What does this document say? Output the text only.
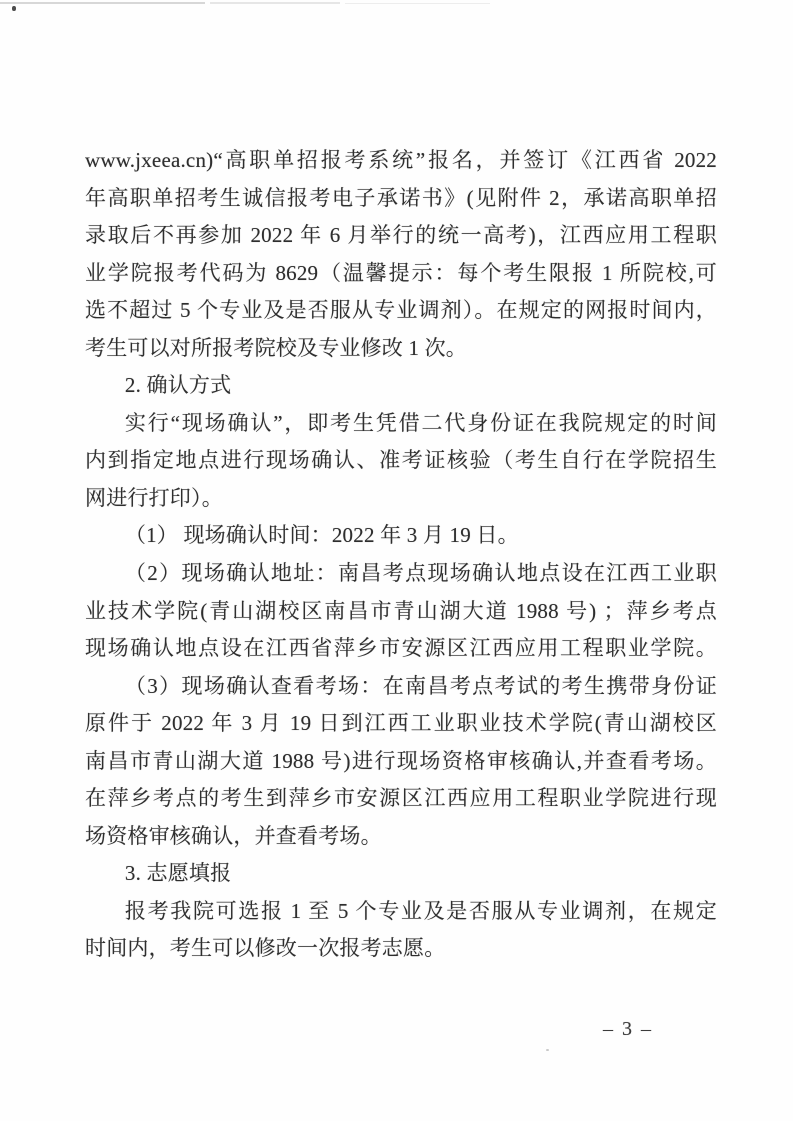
www.jxeea.cn)“高职单招报考系统”报名，并签订《江西省 2022
年高职单招考生诚信报考电子承诺书》(见附件 2，承诺高职单招
录取后不再参加 2022 年 6 月举行的统一高考)，江西应用工程职
业学院报考代码为 8629（温馨提示：每个考生限报 1 所院校,可
选不超过 5 个专业及是否服从专业调剂）。在规定的网报时间内，
考生可以对所报考院校及专业修改 1 次。
2. 确认方式
实行“现场确认”，即考生凭借二代身份证在我院规定的时间
内到指定地点进行现场确认、准考证核验（考生自行在学院招生
网进行打印）。
（1） 现场确认时间：2022 年 3 月 19 日。
（2）现场确认地址：南昌考点现场确认地点设在江西工业职
业技术学院(青山湖校区南昌市青山湖大道 1988 号) ；萍乡考点
现场确认地点设在江西省萍乡市安源区江西应用工程职业学院。
（3）现场确认查看考场：在南昌考点考试的考生携带身份证
原件于 2022 年 3 月 19 日到江西工业职业技术学院(青山湖校区
南昌市青山湖大道 1988 号)进行现场资格审核确认,并查看考场。
在萍乡考点的考生到萍乡市安源区江西应用工程职业学院进行现
场资格审核确认，并查看考场。
3. 志愿填报
报考我院可选报 1 至 5 个专业及是否服从专业调剂，在规定
时间内，考生可以修改一次报考志愿。
– 3 –
